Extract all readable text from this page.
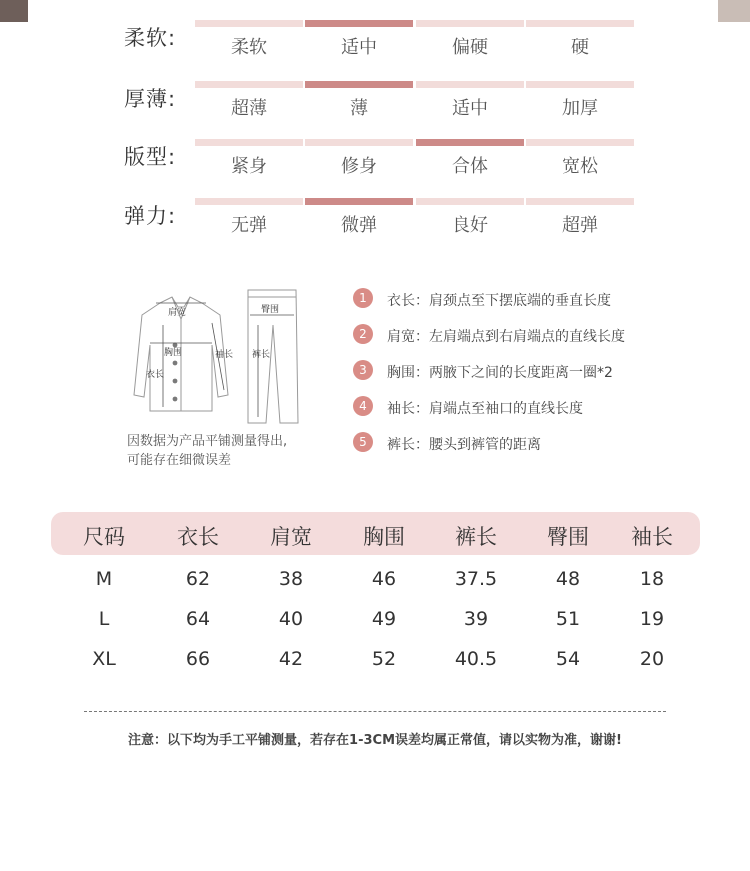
柔软:	柔软	适中	偏硬	硬
厚薄:	超薄	薄	适中	加厚
版型:	紧身	修身	合体	宽松
弹力:	无弹	微弹	良好	超弹
肩宽
胸围
衣长
袖长
臀围
裤长
因数据为产品平铺测量得出,
可能存在细微误差
1	衣长：肩颈点至下摆底端的垂直长度
2	肩宽：左肩端点到右肩端点的直线长度
3	胸围：两腋下之间的长度距离一圈*2
4	袖长：肩端点至袖口的直线长度
5	裤长：腰头到裤管的距离
尺码 衣长 肩宽 胸围 裤长 臀围 袖长
M	62	38	46	37.5	48	18
L	64	40	49	39	51	19
XL	66	42	52	40.5	54	20
注意：以下均为手工平铺测量，若存在1-3CM误差均属正常值，请以实物为准，谢谢!
